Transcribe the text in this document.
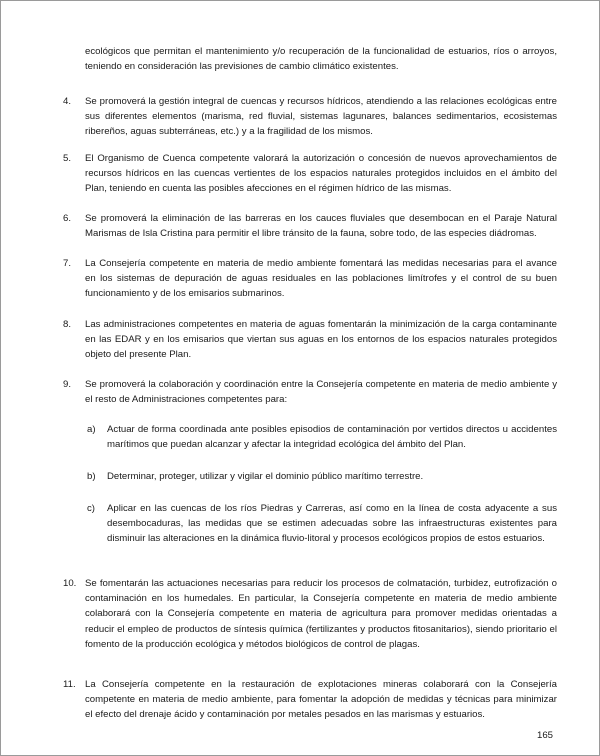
ecológicos que permitan el mantenimiento y/o recuperación de la funcionalidad de estuarios, ríos o arroyos, teniendo en consideración las previsiones de cambio climático existentes.

4. Se promoverá la gestión integral de cuencas y recursos hídricos, atendiendo a las relaciones ecológicas entre sus diferentes elementos (marisma, red fluvial, sistemas lagunares, balances sedimentarios, ecosistemas ribereños, aguas subterráneas, etc.) y a la fragilidad de los mismos.

5. El Organismo de Cuenca competente valorará la autorización o concesión de nuevos aprovechamientos de recursos hídricos en las cuencas vertientes de los espacios naturales protegidos incluidos en el ámbito del Plan, teniendo en cuenta las posibles afecciones en el régimen hídrico de las mismas.

6. Se promoverá la eliminación de las barreras en los cauces fluviales que desembocan en el Paraje Natural Marismas de Isla Cristina para permitir el libre tránsito de la fauna, sobre todo, de las especies diádromas.

7. La Consejería competente en materia de medio ambiente fomentará las medidas necesarias para el avance en los sistemas de depuración de aguas residuales en las poblaciones limítrofes y el control de su buen funcionamiento y de los emisarios submarinos.

8. Las administraciones competentes en materia de aguas fomentarán la minimización de la carga contaminante en las EDAR y en los emisarios que viertan sus aguas en los entornos de los espacios naturales protegidos objeto del presente Plan.

9. Se promoverá la colaboración y coordinación entre la Consejería competente en materia de medio ambiente y el resto de Administraciones competentes para:

a) Actuar de forma coordinada ante posibles episodios de contaminación por vertidos directos u accidentes marítimos que puedan alcanzar y afectar la integridad ecológica del ámbito del Plan.

b) Determinar, proteger, utilizar y vigilar el dominio público marítimo terrestre.

c) Aplicar en las cuencas de los ríos Piedras y Carreras, así como en la línea de costa adyacente a sus desembocaduras, las medidas que se estimen adecuadas sobre las infraestructuras existentes para disminuir las alteraciones en la dinámica fluvio-litoral y procesos ecológicos propios de estos estuarios.

10. Se fomentarán las actuaciones necesarias para reducir los procesos de colmatación, turbidez, eutrofización o contaminación en los humedales. En particular, la Consejería competente en materia de medio ambiente colaborará con la Consejería competente en materia de agricultura para promover medidas orientadas a reducir el empleo de productos de síntesis química (fertilizantes y productos fitosanitarios), siendo prioritario el fomento de la producción ecológica y métodos biológicos de control de plagas.

11. La Consejería competente en la restauración de explotaciones mineras colaborará con la Consejería competente en materia de medio ambiente, para fomentar la adopción de medidas y técnicas para minimizar el efecto del drenaje ácido y contaminación por metales pesados en las marismas y estuarios.

165
